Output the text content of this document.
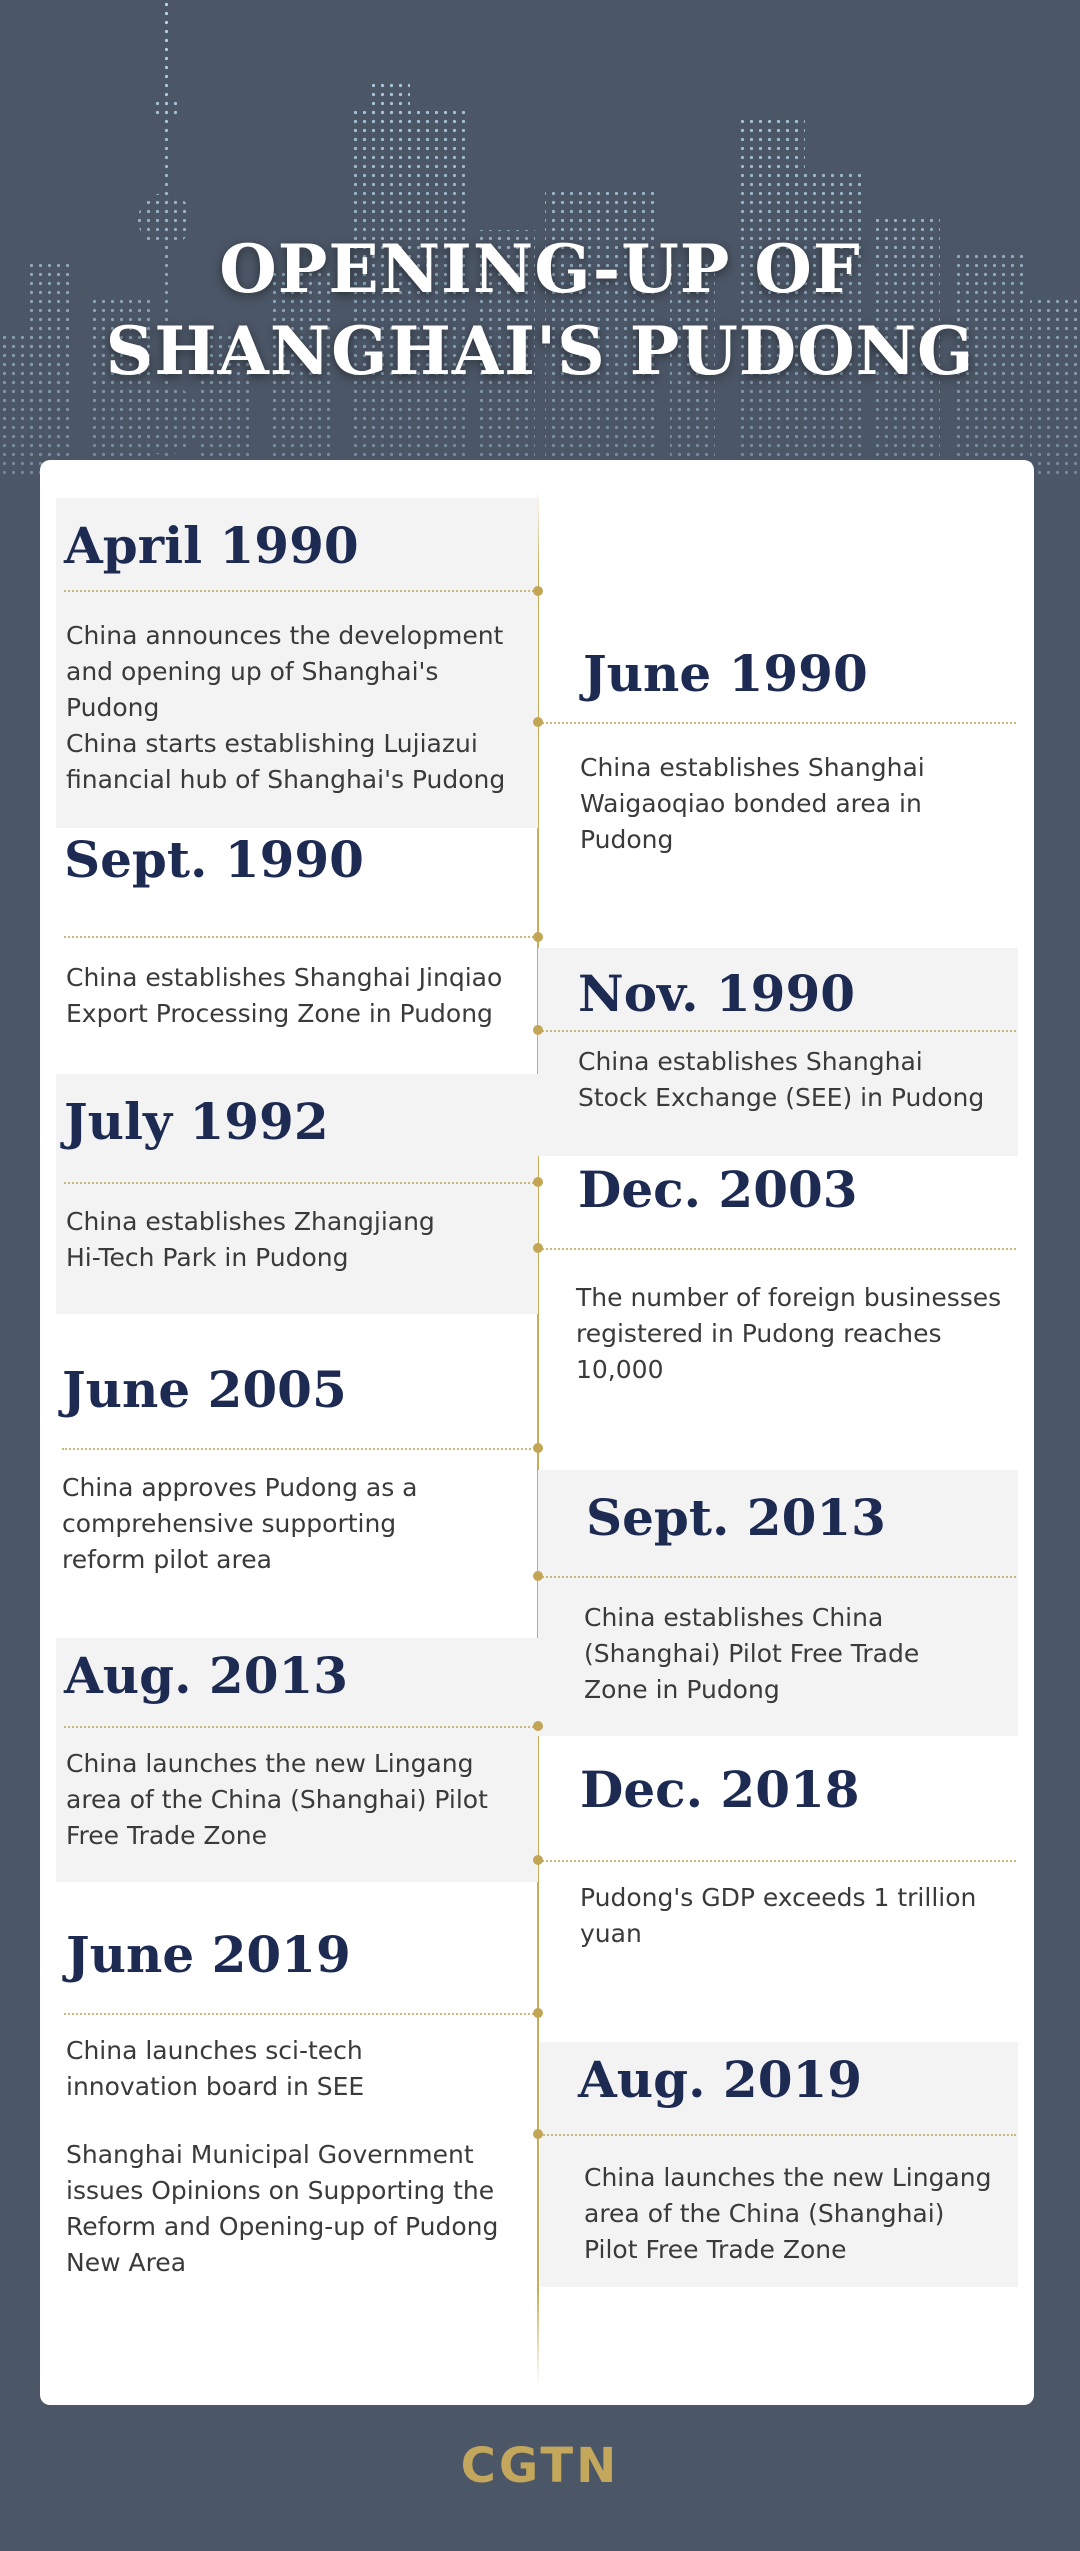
OPENING-UP OF
SHANGHAI'S PUDONG
April 1990

China announces the development and opening up of Shanghai's Pudong

China starts establishing Lujiazui financial hub of Shanghai's Pudong

June 1990

China establishes Shanghai Waigaoqiao bonded area in Pudong

Sept. 1990

China establishes Shanghai Jinqiao Export Processing Zone in Pudong	Nov. 1990

China establishes Shanghai Stock Exchange (SEE) in Pudong

July 1992

China establishes Zhangjiang Hi-Tech Park in Pudong

Dec. 2003

The number of foreign businesses registered in Pudong reaches 10,000

June 2005

China approves Pudong as a comprehensive supporting reform pilot area

Sept. 2013

China establishes China (Shanghai) Pilot Free Trade Zone in Pudong

Aug. 2013

China launches the new Lingang area of the China (Shanghai) Pilot Free Trade Zone

Dec. 2018

Pudong's GDP exceeds 1 trillion yuan

June 2019

China launches sci-tech innovation board in SEE

Shanghai Municipal Government issues Opinions on Supporting the Reform and Opening-up of Pudong New Area

Aug. 2019

China launches the new Lingang area of the China (Shanghai) Pilot Free Trade Zone

CGTN
